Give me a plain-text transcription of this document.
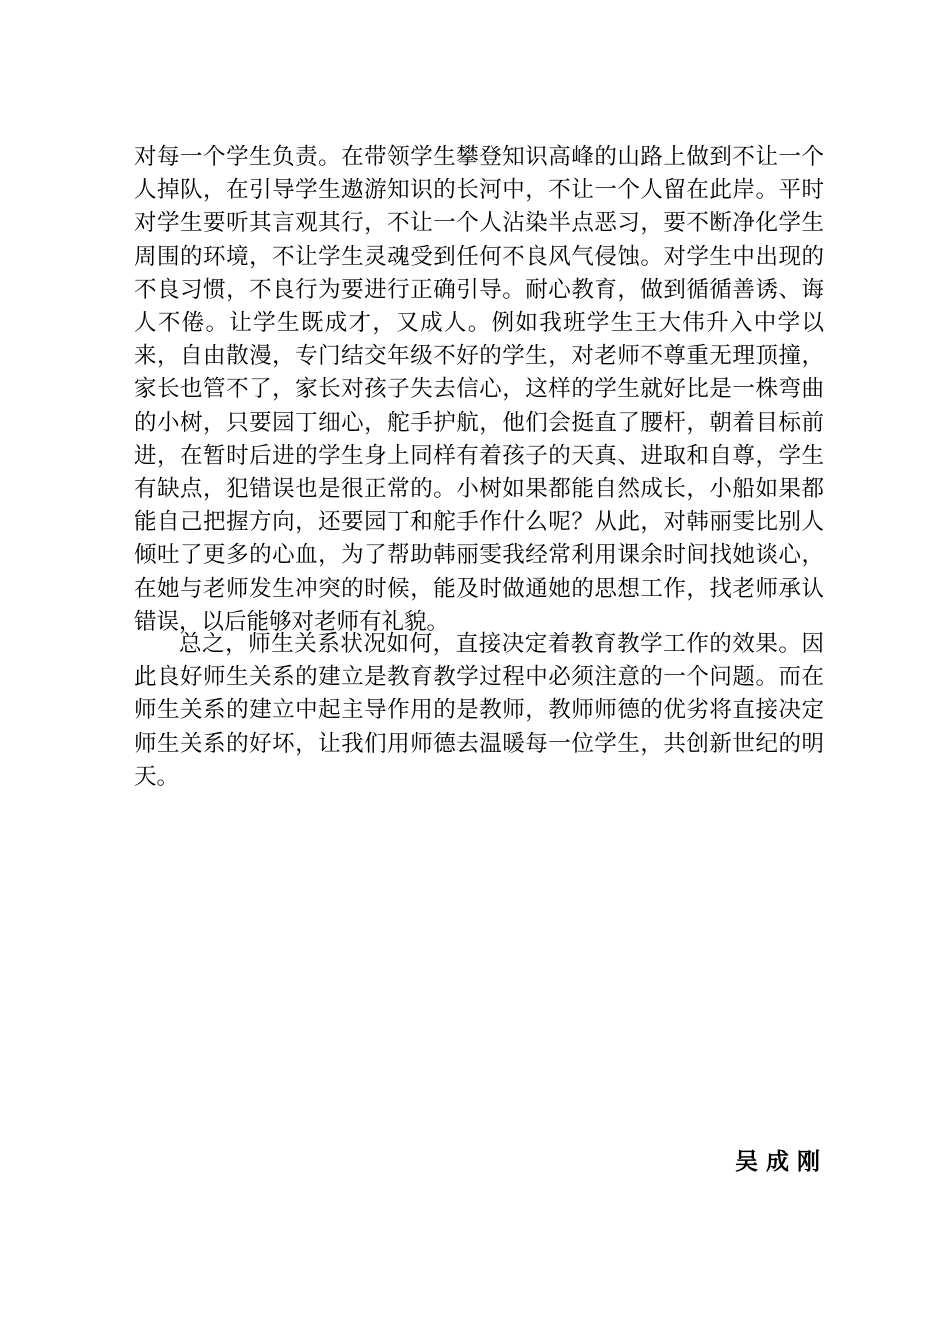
对每一个学生负责。在带领学生攀登知识高峰的山路上做到不让一个人掉队，在引导学生遨游知识的长河中，不让一个人留在此岸。平时对学生要听其言观其行，不让一个人沾染半点恶习，要不断净化学生周围的环境，不让学生灵魂受到任何不良风气侵蚀。对学生中出现的不良习惯，不良行为要进行正确引导。耐心教育，做到循循善诱、诲人不倦。让学生既成才，又成人。例如我班学生王大伟升入中学以来，自由散漫，专门结交年级不好的学生，对老师不尊重无理顶撞，家长也管不了，家长对孩子失去信心，这样的学生就好比是一株弯曲的小树，只要园丁细心，舵手护航，他们会挺直了腰杆，朝着目标前进，在暂时后进的学生身上同样有着孩子的天真、进取和自尊，学生有缺点，犯错误也是很正常的。小树如果都能自然成长，小船如果都能自己把握方向，还要园丁和舵手作什么呢？从此，对韩丽雯比别人倾吐了更多的心血，为了帮助韩丽雯我经常利用课余时间找她谈心，在她与老师发生冲突的时候，能及时做通她的思想工作，找老师承认错误，以后能够对老师有礼貌。

总之，师生关系状况如何，直接决定着教育教学工作的效果。因此良好师生关系的建立是教育教学过程中必须注意的一个问题。而在师生关系的建立中起主导作用的是教师，教师师德的优劣将直接决定师生关系的好坏，让我们用师德去温暖每一位学生，共创新世纪的明天。

吴 成 刚
